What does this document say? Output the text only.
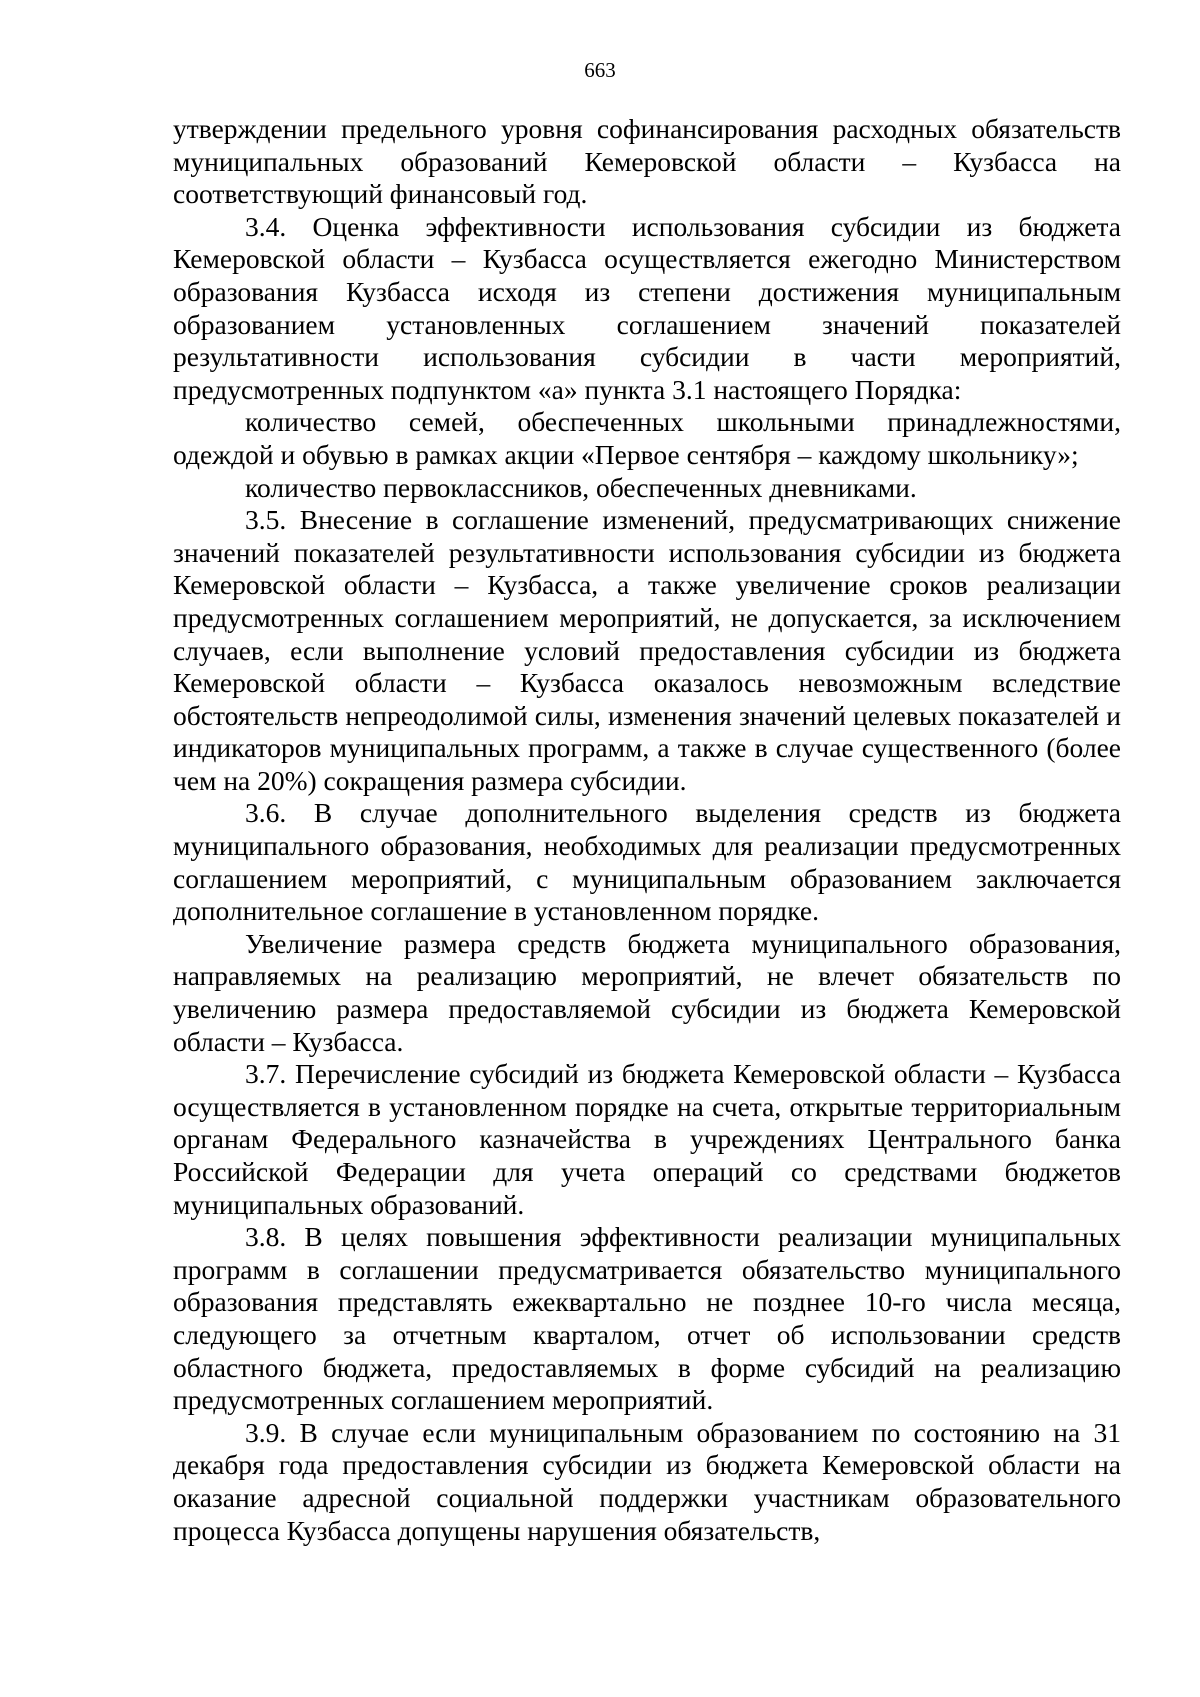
663

утверждении предельного уровня софинансирования расходных обязательств муниципальных образований Кемеровской области – Кузбасса на соответствующий финансовый год.

3.4. Оценка эффективности использования субсидии из бюджета Кемеровской области – Кузбасса осуществляется ежегодно Министерством образования Кузбасса исходя из степени достижения муниципальным образованием установленных соглашением значений показателей результативности использования субсидии в части мероприятий, предусмотренных подпунктом «а» пункта 3.1 настоящего Порядка:

количество семей, обеспеченных школьными принадлежностями, одеждой и обувью в рамках акции «Первое сентября – каждому школьнику»;

количество первоклассников, обеспеченных дневниками.

3.5. Внесение в соглашение изменений, предусматривающих снижение значений показателей результативности использования субсидии из бюджета Кемеровской области – Кузбасса, а также увеличение сроков реализации предусмотренных соглашением мероприятий, не допускается, за исключением случаев, если выполнение условий предоставления субсидии из бюджета Кемеровской области – Кузбасса оказалось невозможным вследствие обстоятельств непреодолимой силы, изменения значений целевых показателей и индикаторов муниципальных программ, а также в случае существенного (более чем на 20%) сокращения размера субсидии.

3.6. В случае дополнительного выделения средств из бюджета муниципального образования, необходимых для реализации предусмотренных соглашением мероприятий, с муниципальным образованием заключается дополнительное соглашение в установленном порядке.

Увеличение размера средств бюджета муниципального образования, направляемых на реализацию мероприятий, не влечет обязательств по увеличению размера предоставляемой субсидии из бюджета Кемеровской области – Кузбасса.

3.7. Перечисление субсидий из бюджета Кемеровской области – Кузбасса осуществляется в установленном порядке на счета, открытые территориальным органам Федерального казначейства в учреждениях Центрального банка Российской Федерации для учета операций со средствами бюджетов муниципальных образований.

3.8. В целях повышения эффективности реализации муниципальных программ в соглашении предусматривается обязательство муниципального образования представлять ежеквартально не позднее 10-го числа месяца, следующего за отчетным кварталом, отчет об использовании средств областного бюджета, предоставляемых в форме субсидий на реализацию предусмотренных соглашением мероприятий.

3.9. В случае если муниципальным образованием по состоянию на 31 декабря года предоставления субсидии из бюджета Кемеровской области на оказание адресной социальной поддержки участникам образовательного процесса Кузбасса допущены нарушения обязательств,
